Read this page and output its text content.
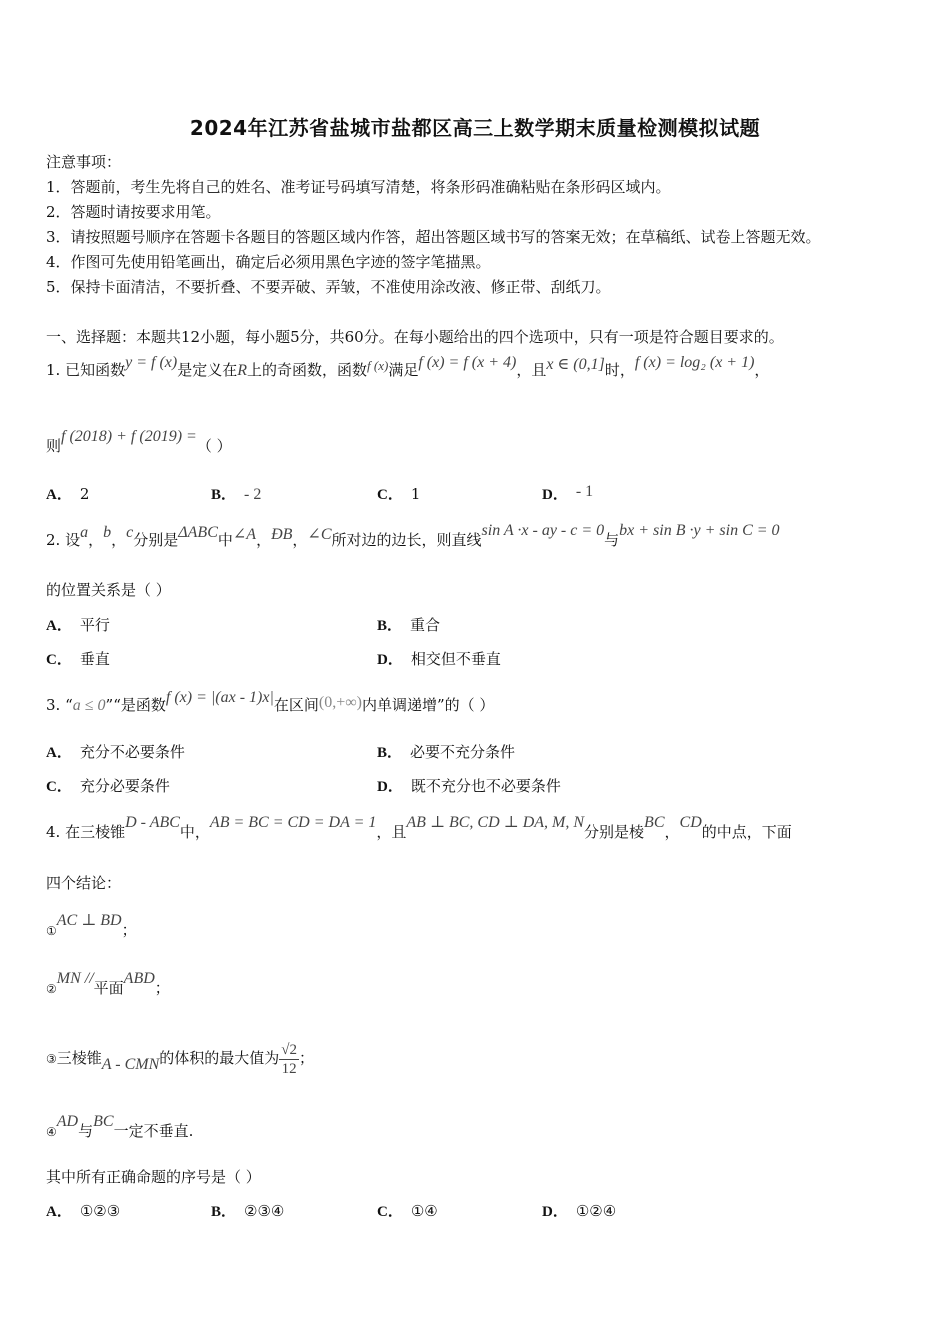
2024年江苏省盐城市盐都区高三上数学期末质量检测模拟试题
注意事项：
1．答题前，考生先将自己的姓名、准考证号码填写清楚，将条形码准确粘贴在条形码区域内。
2．答题时请按要求用笔。
3．请按照题号顺序在答题卡各题目的答题区域内作答，超出答题区域书写的答案无效；在草稿纸、试卷上答题无效。
4．作图可先使用铅笔画出，确定后必须用黑色字迹的签字笔描黑。
5．保持卡面清洁，不要折叠、不要弄破、弄皱，不准使用涂改液、修正带、刮纸刀。
一、选择题：本题共12小题，每小题5分，共60分。在每小题给出的四个选项中，只有一项是符合题目要求的。
1. 已知函数y = f (x)是定义在R上的奇函数，函数f (x)满足f (x) = f (x + 4)，且x ∈ (0,1]时，f (x) = log₂ (x + 1)，
则f (2018) + f (2019) =（ ）
A． 2	B． - 2	C． 1	D． - 1
2. 设a，b，c分别是ΔABC中∠A，ÐB，∠C所对边的边长，则直线sin A ·x - ay - c = 0与bx + sin B ·y + sin C = 0
的位置关系是（ ）
A． 平行	B． 重合
C． 垂直	D． 相交但不垂直
3. “a ≤ 0”“是函数f (x) = |(ax - 1)x|在区间(0,+∞)内单调递增”的（ ）
A． 充分不必要条件	B． 必要不充分条件
C． 充分必要条件	D． 既不充分也不必要条件
4. 在三棱锥D - ABC中，AB = BC = CD = DA = 1，且AB ⊥ BC, CD ⊥ DA, M, N分别是棱BC，CD的中点，下面
四个结论：
①AC ⊥ BD；
②MN //平面ABD；
③三棱锥A - CMN的体积的最大值为 $\frac{√2}{12}$ ；
④AD与BC一定不垂直.
其中所有正确命题的序号是（ ）
A． ①②③	B． ②③④	C． ①④	D． ①②④
